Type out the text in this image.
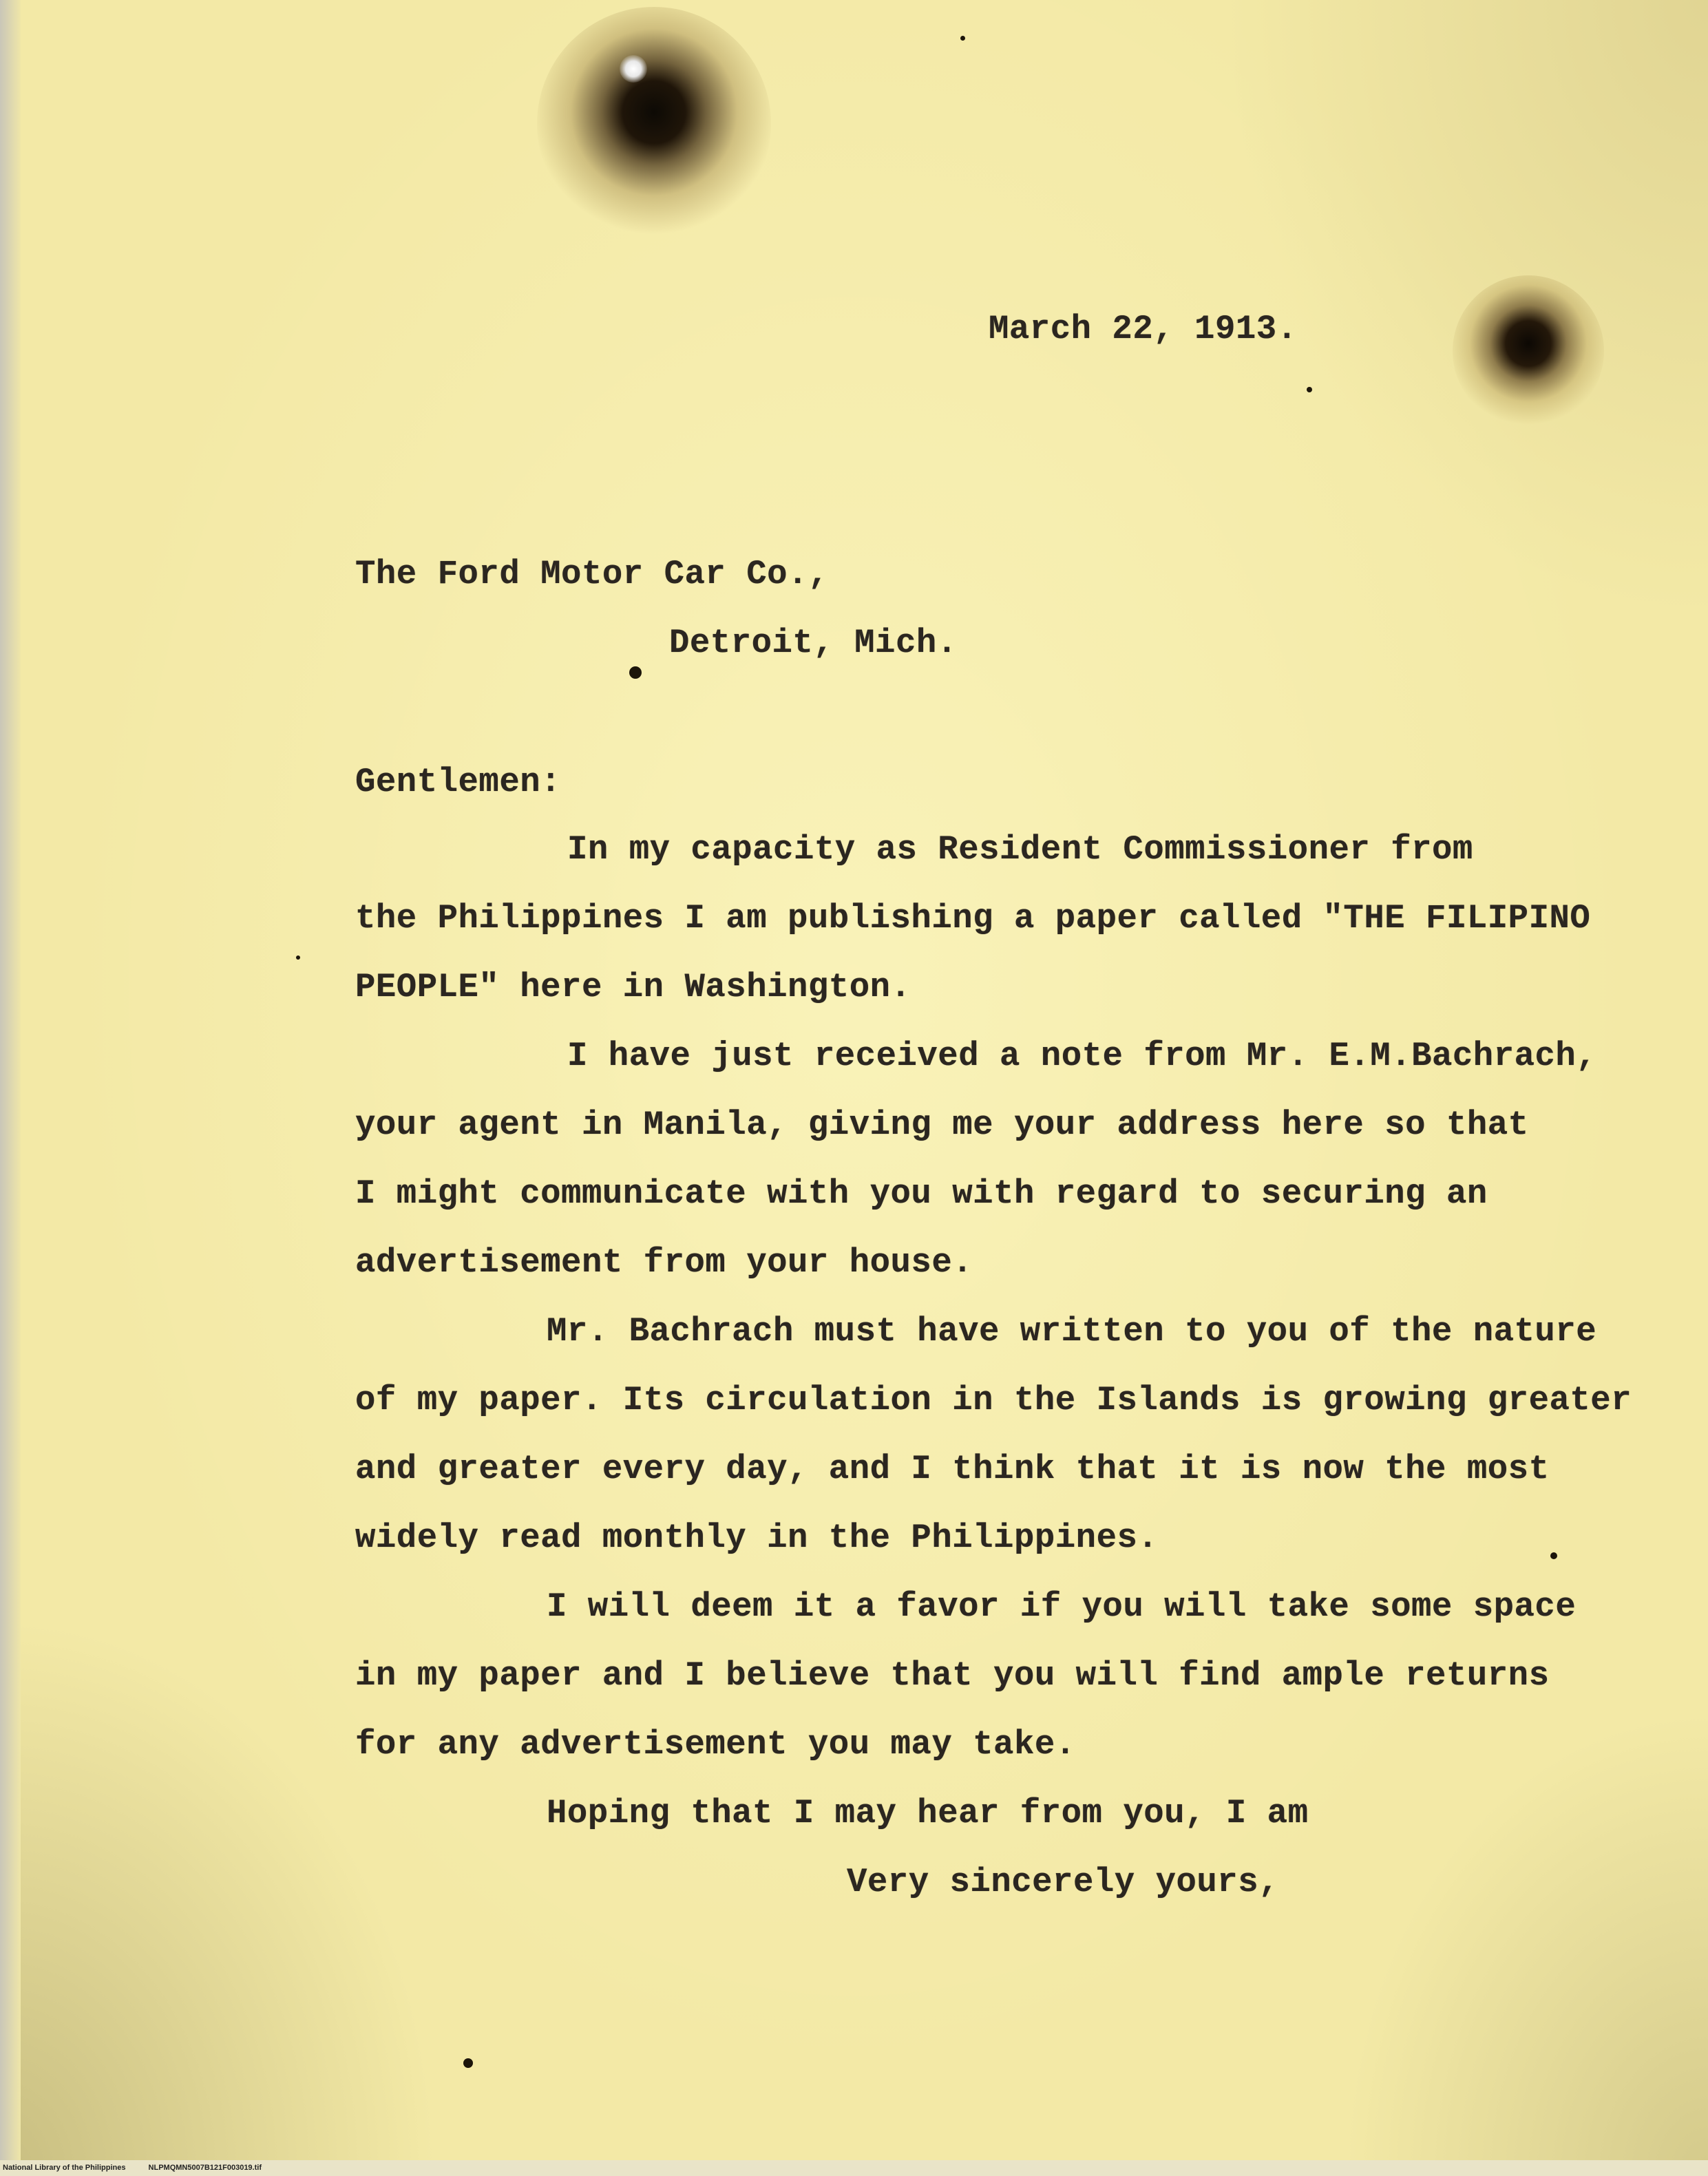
March 22, 1913.
The Ford Motor Car Co.,
Detroit, Mich.
Gentlemen:
In my capacity as Resident Commissioner from
the Philippines I am publishing a paper called "THE FILIPINO
PEOPLE" here in Washington.
I have just received a note from Mr. E.M.Bachrach,
your agent in Manila, giving me your address here so that
I might communicate with you with regard to securing an
advertisement from your house.
Mr. Bachrach must have written to you of the nature
of my paper. Its circulation in the Islands is growing greater
and greater every day, and I think that it is now the most
widely read monthly in the Philippines.
I will deem it a favor if you will take some space
in my paper and I believe that you will find ample returns
for any advertisement you may take.
Hoping that I may hear from you, I am
Very sincerely yours,
National Library of the Philippines	NLPMQMN5007B121F003019.tif
